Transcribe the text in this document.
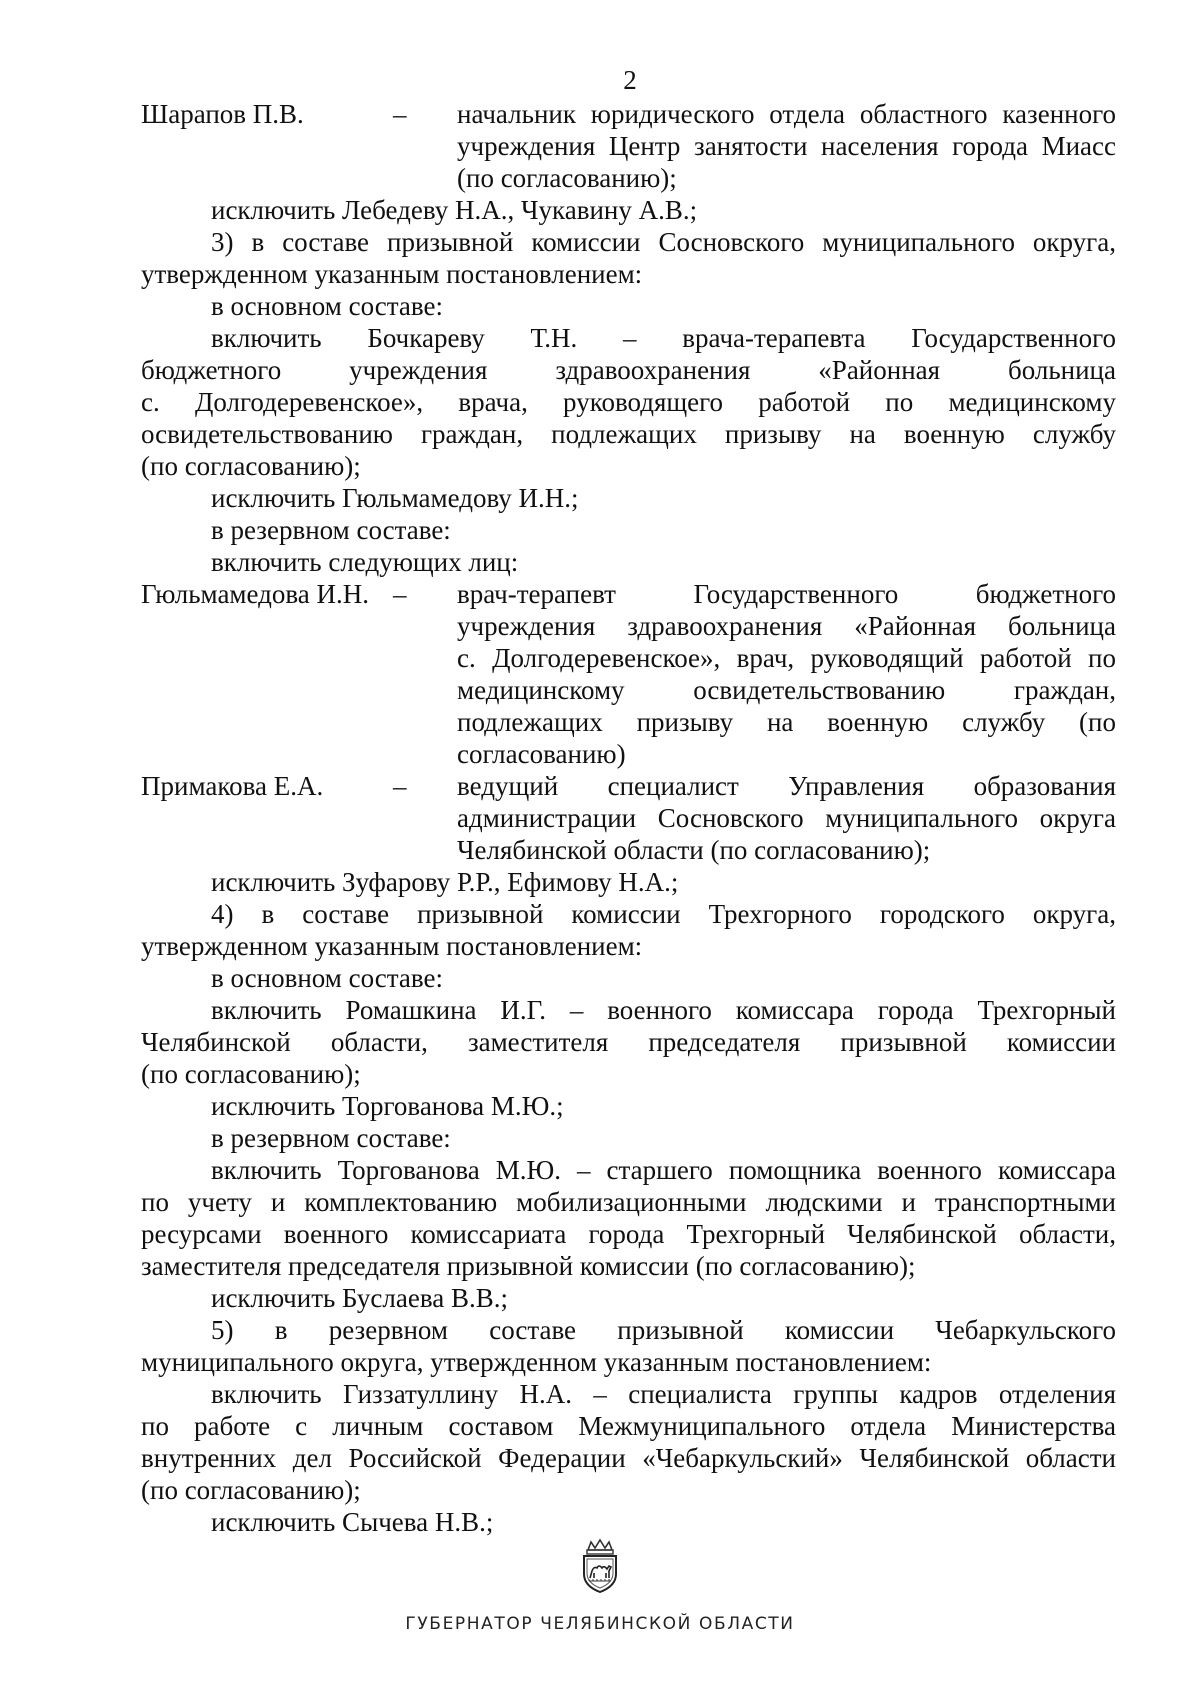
2
Шарапов П.В.	–	начальник юридического отдела областного казенного
учреждения Центр занятости населения города Миасс
(по согласованию);
исключить Лебедеву Н.А., Чукавину А.В.;
3) в составе призывной комиссии Сосновского муниципального округа,
утвержденном указанным постановлением:
в основном составе:
включить Бочкареву Т.Н. – врача-терапевта Государственного
бюджетного учреждения здравоохранения «Районная больница
с. Долгодеревенское», врача, руководящего работой по медицинскому
освидетельствованию граждан, подлежащих призыву на военную службу
(по согласованию);
исключить Гюльмамедову И.Н.;
в резервном составе:
включить следующих лиц:
Гюльмамедова И.Н. –	врач-терапевт Государственного бюджетного
учреждения здравоохранения «Районная больница
с. Долгодеревенское», врач, руководящий работой по
медицинскому освидетельствованию граждан,
подлежащих призыву на военную службу (по
согласованию)
Примакова Е.А.	–	ведущий специалист Управления образования
администрации Сосновского муниципального округа
Челябинской области (по согласованию);
исключить Зуфарову Р.Р., Ефимову Н.А.;
4) в составе призывной комиссии Трехгорного городского округа,
утвержденном указанным постановлением:
в основном составе:
включить Ромашкина И.Г. – военного комиссара города Трехгорный
Челябинской области, заместителя председателя призывной комиссии
(по согласованию);
исключить Торгованова М.Ю.;
в резервном составе:
включить Торгованова М.Ю. – старшего помощника военного комиссара
по учету и комплектованию мобилизационными людскими и транспортными
ресурсами военного комиссариата города Трехгорный Челябинской области,
заместителя председателя призывной комиссии (по согласованию);
исключить Буслаева В.В.;
5) в резервном составе призывной комиссии Чебаркульского
муниципального округа, утвержденном указанным постановлением:
включить Гиззатуллину Н.А. – специалиста группы кадров отделения
по работе с личным составом Межмуниципального отдела Министерства
внутренних дел Российской Федерации «Чебаркульский» Челябинской области
(по согласованию);
исключить Сычева Н.В.;
ГУБЕРНАТОР ЧЕЛЯБИНСКОЙ ОБЛАСТИ
